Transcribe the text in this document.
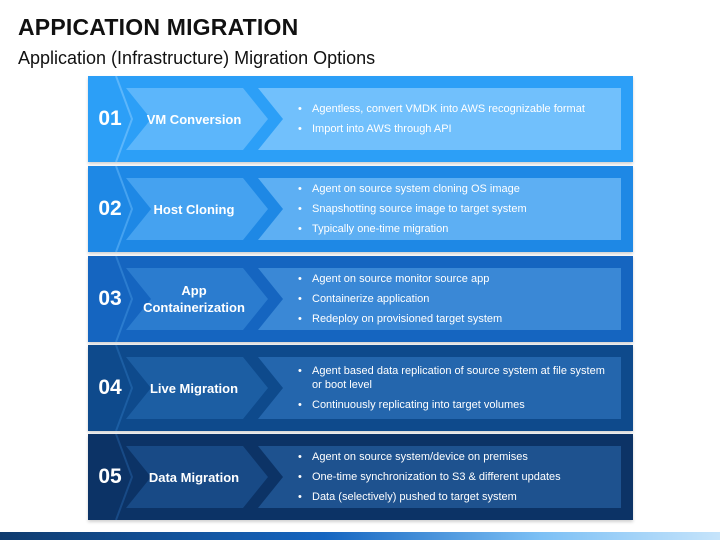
APPICATION MIGRATION
Application (Infrastructure) Migration Options
01	VM Conversion
• Agentless, convert VMDK into AWS recognizable format
• Import into AWS through API
02	Host Cloning
• Agent on source system cloning OS image
• Snapshotting source image to target system
• Typically one-time migration
03	App Containerization
• Agent on source monitor source app
• Containerize application
• Redeploy on provisioned target system
04	Live Migration
• Agent based data replication of source system at file system or boot level
• Continuously replicating into target volumes
05	Data Migration
• Agent on source system/device on premises
• One-time synchronization to S3 & different updates
• Data (selectively) pushed to target system
